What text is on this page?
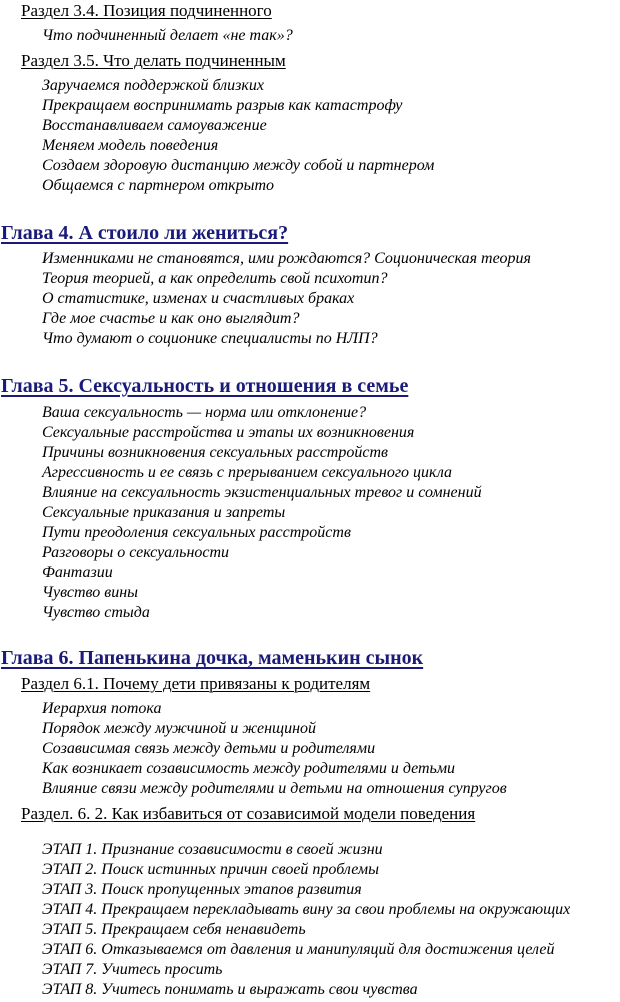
Раздел 3.4. Позиция подчиненного
Что подчиненный делает «не так»?
Раздел 3.5. Что делать подчиненным
Заручаемся поддержкой близких
Прекращаем воспринимать разрыв как катастрофу
Восстанавливаем самоуважение
Меняем модель поведения
Создаем здоровую дистанцию между собой и партнером
Общаемся с партнером открыто
Глава 4. А стоило ли жениться?
Изменниками не становятся, ими рождаются? Соционическая теория
Теория теорией, а как определить свой психотип?
О статистике, изменах и счастливых браках
Где мое счастье и как оно выглядит?
Что думают о соционике специалисты по НЛП?
Глава 5. Сексуальность и отношения в семье
Ваша сексуальность — норма или отклонение?
Сексуальные расстройства и этапы их возникновения
Причины возникновения сексуальных расстройств
Агрессивность и ее связь с прерыванием сексуального цикла
Влияние на сексуальность экзистенциальных тревог и сомнений
Сексуальные приказания и запреты
Пути преодоления сексуальных расстройств
Разговоры о сексуальности
Фантазии
Чувство вины
Чувство стыда
Глава 6. Папенькина дочка, маменькин сынок
Раздел 6.1. Почему дети привязаны к родителям
Иерархия потока
Порядок между мужчиной и женщиной
Созависимая связь между детьми и родителями
Как возникает созависимость между родителями и детьми
Влияние связи между родителями и детьми на отношения супругов
Раздел. 6. 2. Как избавиться от созависимой модели поведения
ЭТАП 1. Признание созависимости в своей жизни
ЭТАП 2. Поиск истинных причин своей проблемы
ЭТАП 3. Поиск пропущенных этапов развития
ЭТАП 4. Прекращаем перекладывать вину за свои проблемы на окружающих
ЭТАП 5. Прекращаем себя ненавидеть
ЭТАП 6. Отказываемся от давления и манипуляций для достижения целей
ЭТАП 7. Учитесь просить
ЭТАП 8. Учитесь понимать и выражать свои чувства
